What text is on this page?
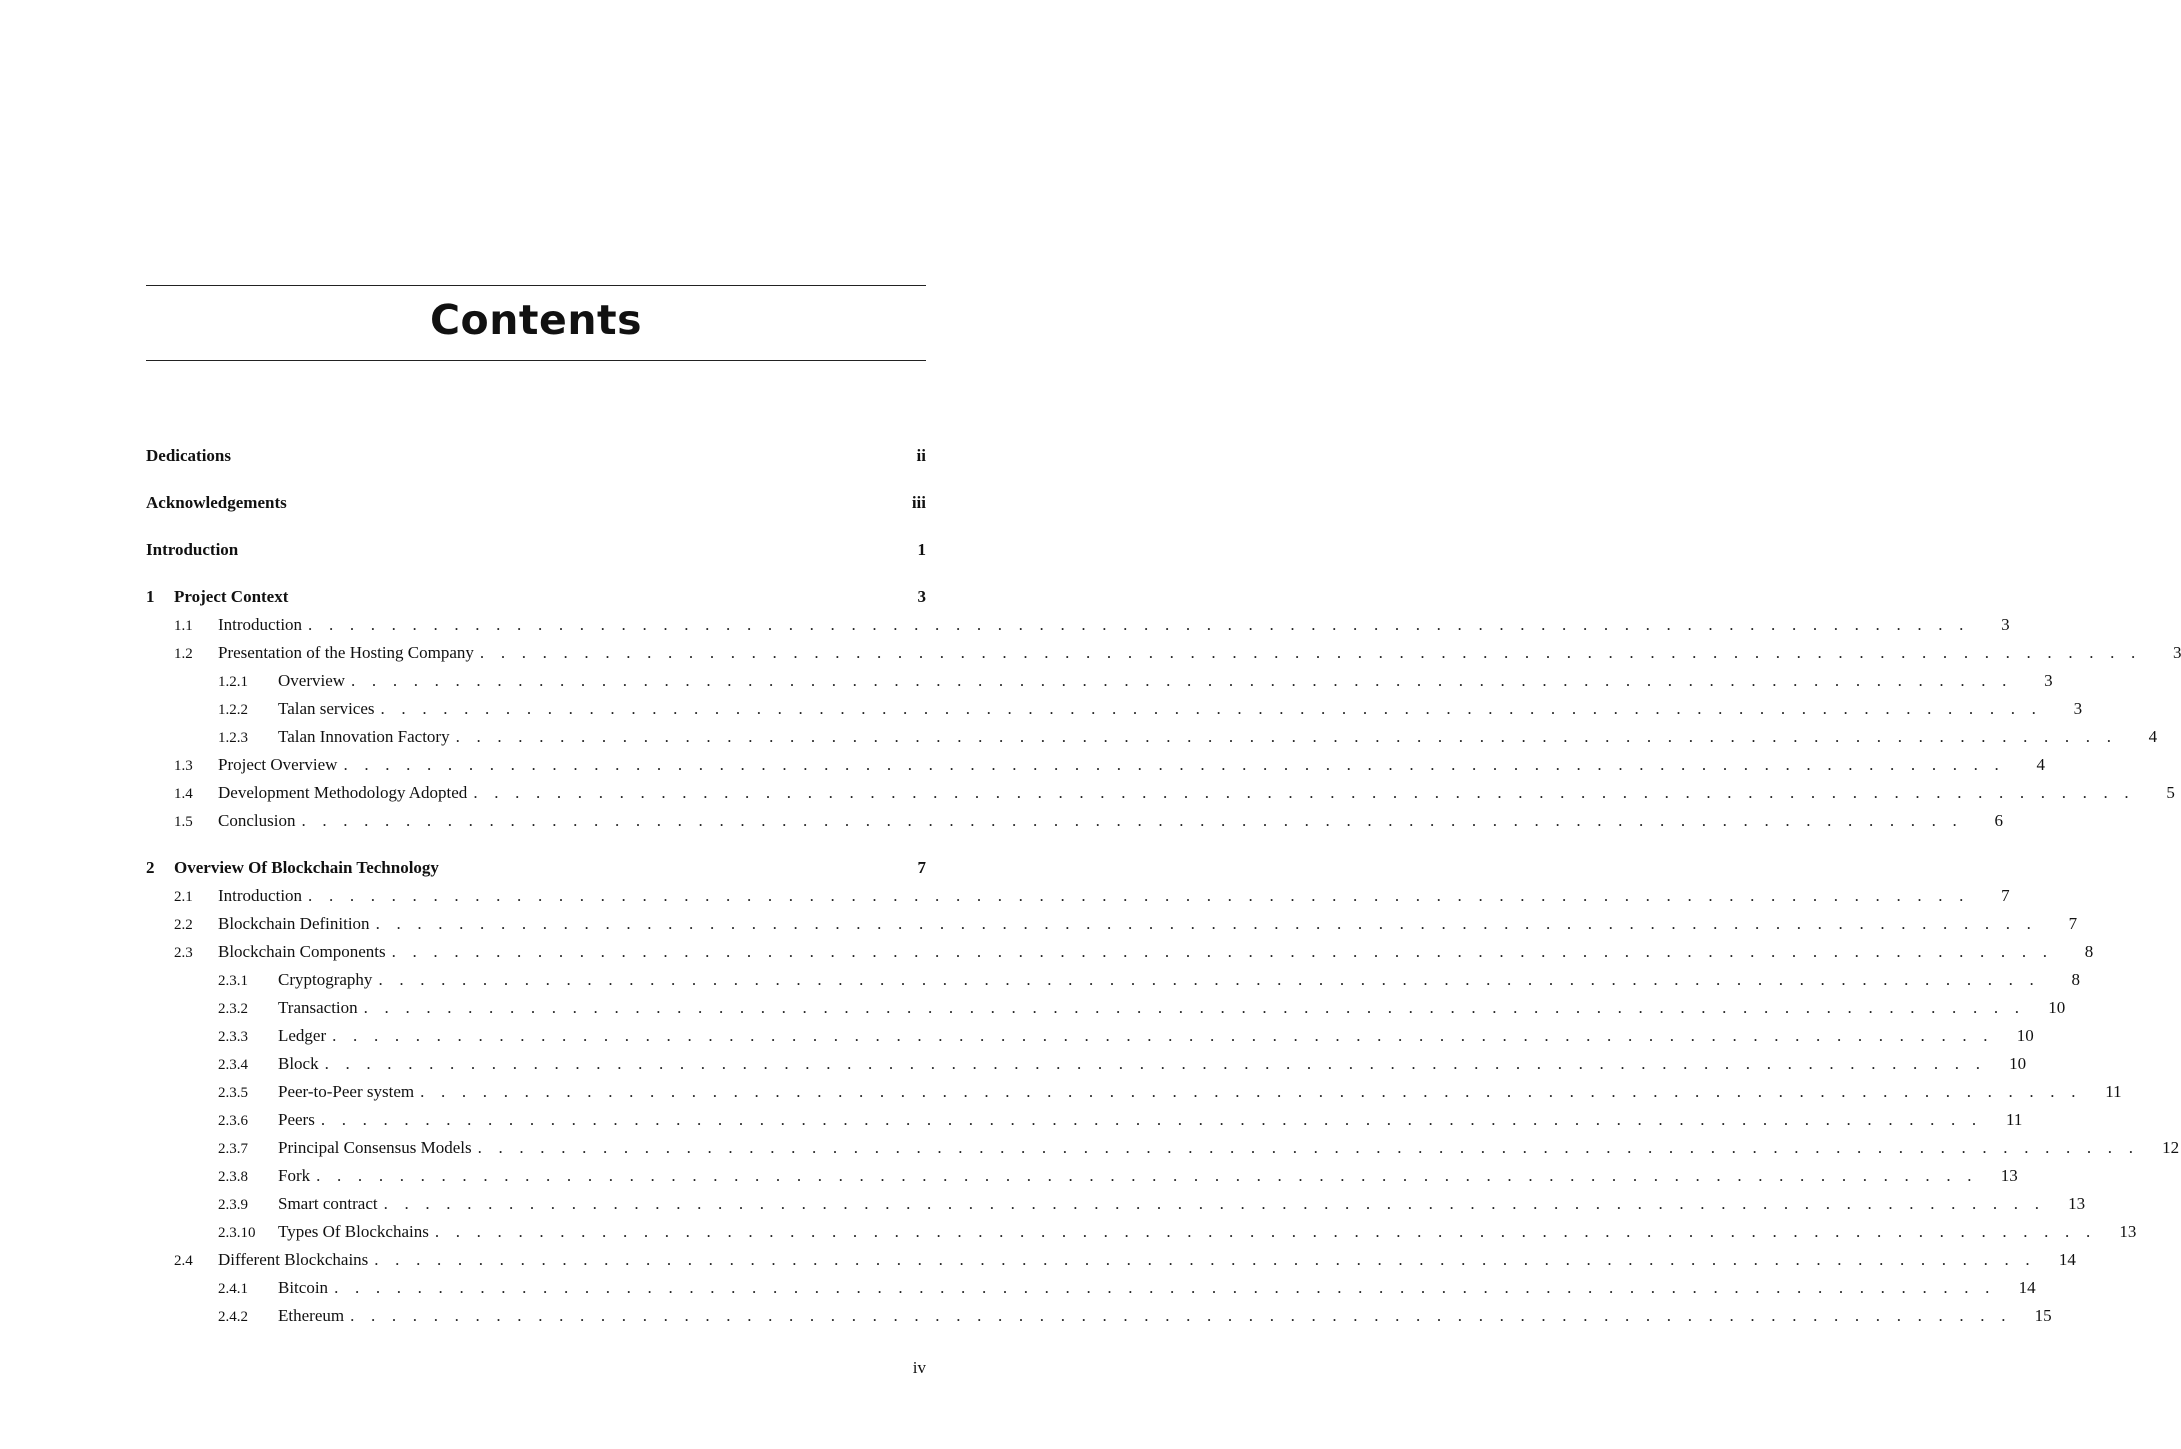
Contents
Dedications	ii
Acknowledgements	iii
Introduction	1
1	Project Context	3
1.1	Introduction . . . . . . . . . . . . . . . . . . . . . . . . . . . . . . . . . . . . . . . . . . . . . . . . . . . . . . . . . . . . . . . . . . . . . . . . . . . . . . . .	3
1.2	Presentation of the Hosting Company . . . . . . . . . . . . . . . . . . . . . . . . . . . . . . . . . . . . . . . . . . . . . . . . . . . . . . . . . . . . . . . . . . . . . . . . . . . . . . . .	3
1.2.1	Overview . . . . . . . . . . . . . . . . . . . . . . . . . . . . . . . . . . . . . . . . . . . . . . . . . . . . . . . . . . . . . . . . . . . . . . . . . . . . . . . .	3
1.2.2	Talan services . . . . . . . . . . . . . . . . . . . . . . . . . . . . . . . . . . . . . . . . . . . . . . . . . . . . . . . . . . . . . . . . . . . . . . . . . . . . . . . .	3
1.2.3	Talan Innovation Factory . . . . . . . . . . . . . . . . . . . . . . . . . . . . . . . . . . . . . . . . . . . . . . . . . . . . . . . . . . . . . . . . . . . . . . . . . . . . . . . .	4
1.3	Project Overview . . . . . . . . . . . . . . . . . . . . . . . . . . . . . . . . . . . . . . . . . . . . . . . . . . . . . . . . . . . . . . . . . . . . . . . . . . . . . . . .	4
1.4	Development Methodology Adopted . . . . . . . . . . . . . . . . . . . . . . . . . . . . . . . . . . . . . . . . . . . . . . . . . . . . . . . . . . . . . . . . . . . . . . . . . . . . . . . .	5
1.5	Conclusion . . . . . . . . . . . . . . . . . . . . . . . . . . . . . . . . . . . . . . . . . . . . . . . . . . . . . . . . . . . . . . . . . . . . . . . . . . . . . . . .	6
2	Overview Of Blockchain Technology	7
2.1	Introduction . . . . . . . . . . . . . . . . . . . . . . . . . . . . . . . . . . . . . . . . . . . . . . . . . . . . . . . . . . . . . . . . . . . . . . . . . . . . . . . .	7
2.2	Blockchain Definition . . . . . . . . . . . . . . . . . . . . . . . . . . . . . . . . . . . . . . . . . . . . . . . . . . . . . . . . . . . . . . . . . . . . . . . . . . . . . . . .	7
2.3	Blockchain Components . . . . . . . . . . . . . . . . . . . . . . . . . . . . . . . . . . . . . . . . . . . . . . . . . . . . . . . . . . . . . . . . . . . . . . . . . . . . . . . .	8
2.3.1	Cryptography . . . . . . . . . . . . . . . . . . . . . . . . . . . . . . . . . . . . . . . . . . . . . . . . . . . . . . . . . . . . . . . . . . . . . . . . . . . . . . . .	8
2.3.2	Transaction . . . . . . . . . . . . . . . . . . . . . . . . . . . . . . . . . . . . . . . . . . . . . . . . . . . . . . . . . . . . . . . . . . . . . . . . . . . . . . . .	10
2.3.3	Ledger . . . . . . . . . . . . . . . . . . . . . . . . . . . . . . . . . . . . . . . . . . . . . . . . . . . . . . . . . . . . . . . . . . . . . . . . . . . . . . . .	10
2.3.4	Block . . . . . . . . . . . . . . . . . . . . . . . . . . . . . . . . . . . . . . . . . . . . . . . . . . . . . . . . . . . . . . . . . . . . . . . . . . . . . . . .	10
2.3.5	Peer-to-Peer system . . . . . . . . . . . . . . . . . . . . . . . . . . . . . . . . . . . . . . . . . . . . . . . . . . . . . . . . . . . . . . . . . . . . . . . . . . . . . . . .	11
2.3.6	Peers . . . . . . . . . . . . . . . . . . . . . . . . . . . . . . . . . . . . . . . . . . . . . . . . . . . . . . . . . . . . . . . . . . . . . . . . . . . . . . . .	11
2.3.7	Principal Consensus Models . . . . . . . . . . . . . . . . . . . . . . . . . . . . . . . . . . . . . . . . . . . . . . . . . . . . . . . . . . . . . . . . . . . . . . . . . . . . . . . .	12
2.3.8	Fork . . . . . . . . . . . . . . . . . . . . . . . . . . . . . . . . . . . . . . . . . . . . . . . . . . . . . . . . . . . . . . . . . . . . . . . . . . . . . . . .	13
2.3.9	Smart contract . . . . . . . . . . . . . . . . . . . . . . . . . . . . . . . . . . . . . . . . . . . . . . . . . . . . . . . . . . . . . . . . . . . . . . . . . . . . . . . .	13
2.3.10	Types Of Blockchains . . . . . . . . . . . . . . . . . . . . . . . . . . . . . . . . . . . . . . . . . . . . . . . . . . . . . . . . . . . . . . . . . . . . . . . . . . . . . . . .	13
2.4	Different Blockchains . . . . . . . . . . . . . . . . . . . . . . . . . . . . . . . . . . . . . . . . . . . . . . . . . . . . . . . . . . . . . . . . . . . . . . . . . . . . . . . .	14
2.4.1	Bitcoin . . . . . . . . . . . . . . . . . . . . . . . . . . . . . . . . . . . . . . . . . . . . . . . . . . . . . . . . . . . . . . . . . . . . . . . . . . . . . . . .	14
2.4.2	Ethereum . . . . . . . . . . . . . . . . . . . . . . . . . . . . . . . . . . . . . . . . . . . . . . . . . . . . . . . . . . . . . . . . . . . . . . . . . . . . . . . .	15
iv
